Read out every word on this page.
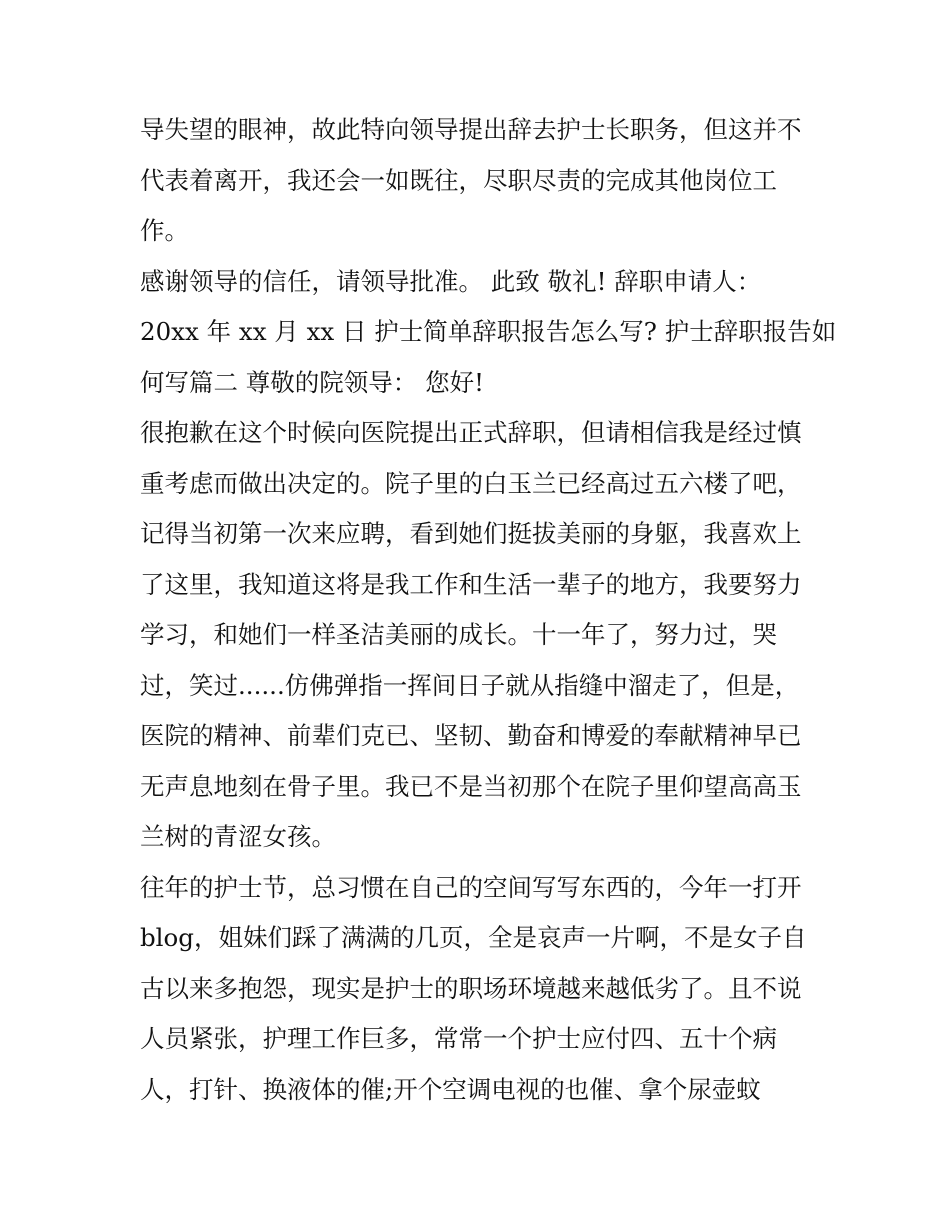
导失望的眼神，故此特向领导提出辞去护士长职务，但这并不
代表着离开，我还会一如既往，尽职尽责的完成其他岗位工
作。
感谢领导的信任，请领导批准。 此致 敬礼! 辞职申请人：
20xx 年 xx 月 xx 日 护士简单辞职报告怎么写? 护士辞职报告如
何写篇二 尊敬的院领导： 您好!
很抱歉在这个时候向医院提出正式辞职，但请相信我是经过慎
重考虑而做出决定的。院子里的白玉兰已经高过五六楼了吧，
记得当初第一次来应聘，看到她们挺拔美丽的身躯，我喜欢上
了这里，我知道这将是我工作和生活一辈子的地方，我要努力
学习，和她们一样圣洁美丽的成长。十一年了，努力过，哭
过，笑过......仿佛弹指一挥间日子就从指缝中溜走了，但是，
医院的精神、前辈们克已、坚韧、勤奋和博爱的奉献精神早已
无声息地刻在骨子里。我已不是当初那个在院子里仰望高高玉
兰树的青涩女孩。
往年的护士节，总习惯在自己的空间写写东西的，今年一打开
blog，姐妹们踩了满满的几页，全是哀声一片啊，不是女子自
古以来多抱怨，现实是护士的职场环境越来越低劣了。且不说
人员紧张，护理工作巨多，常常一个护士应付四、五十个病
人，打针、换液体的催;开个空调电视的也催、拿个尿壶蚊
